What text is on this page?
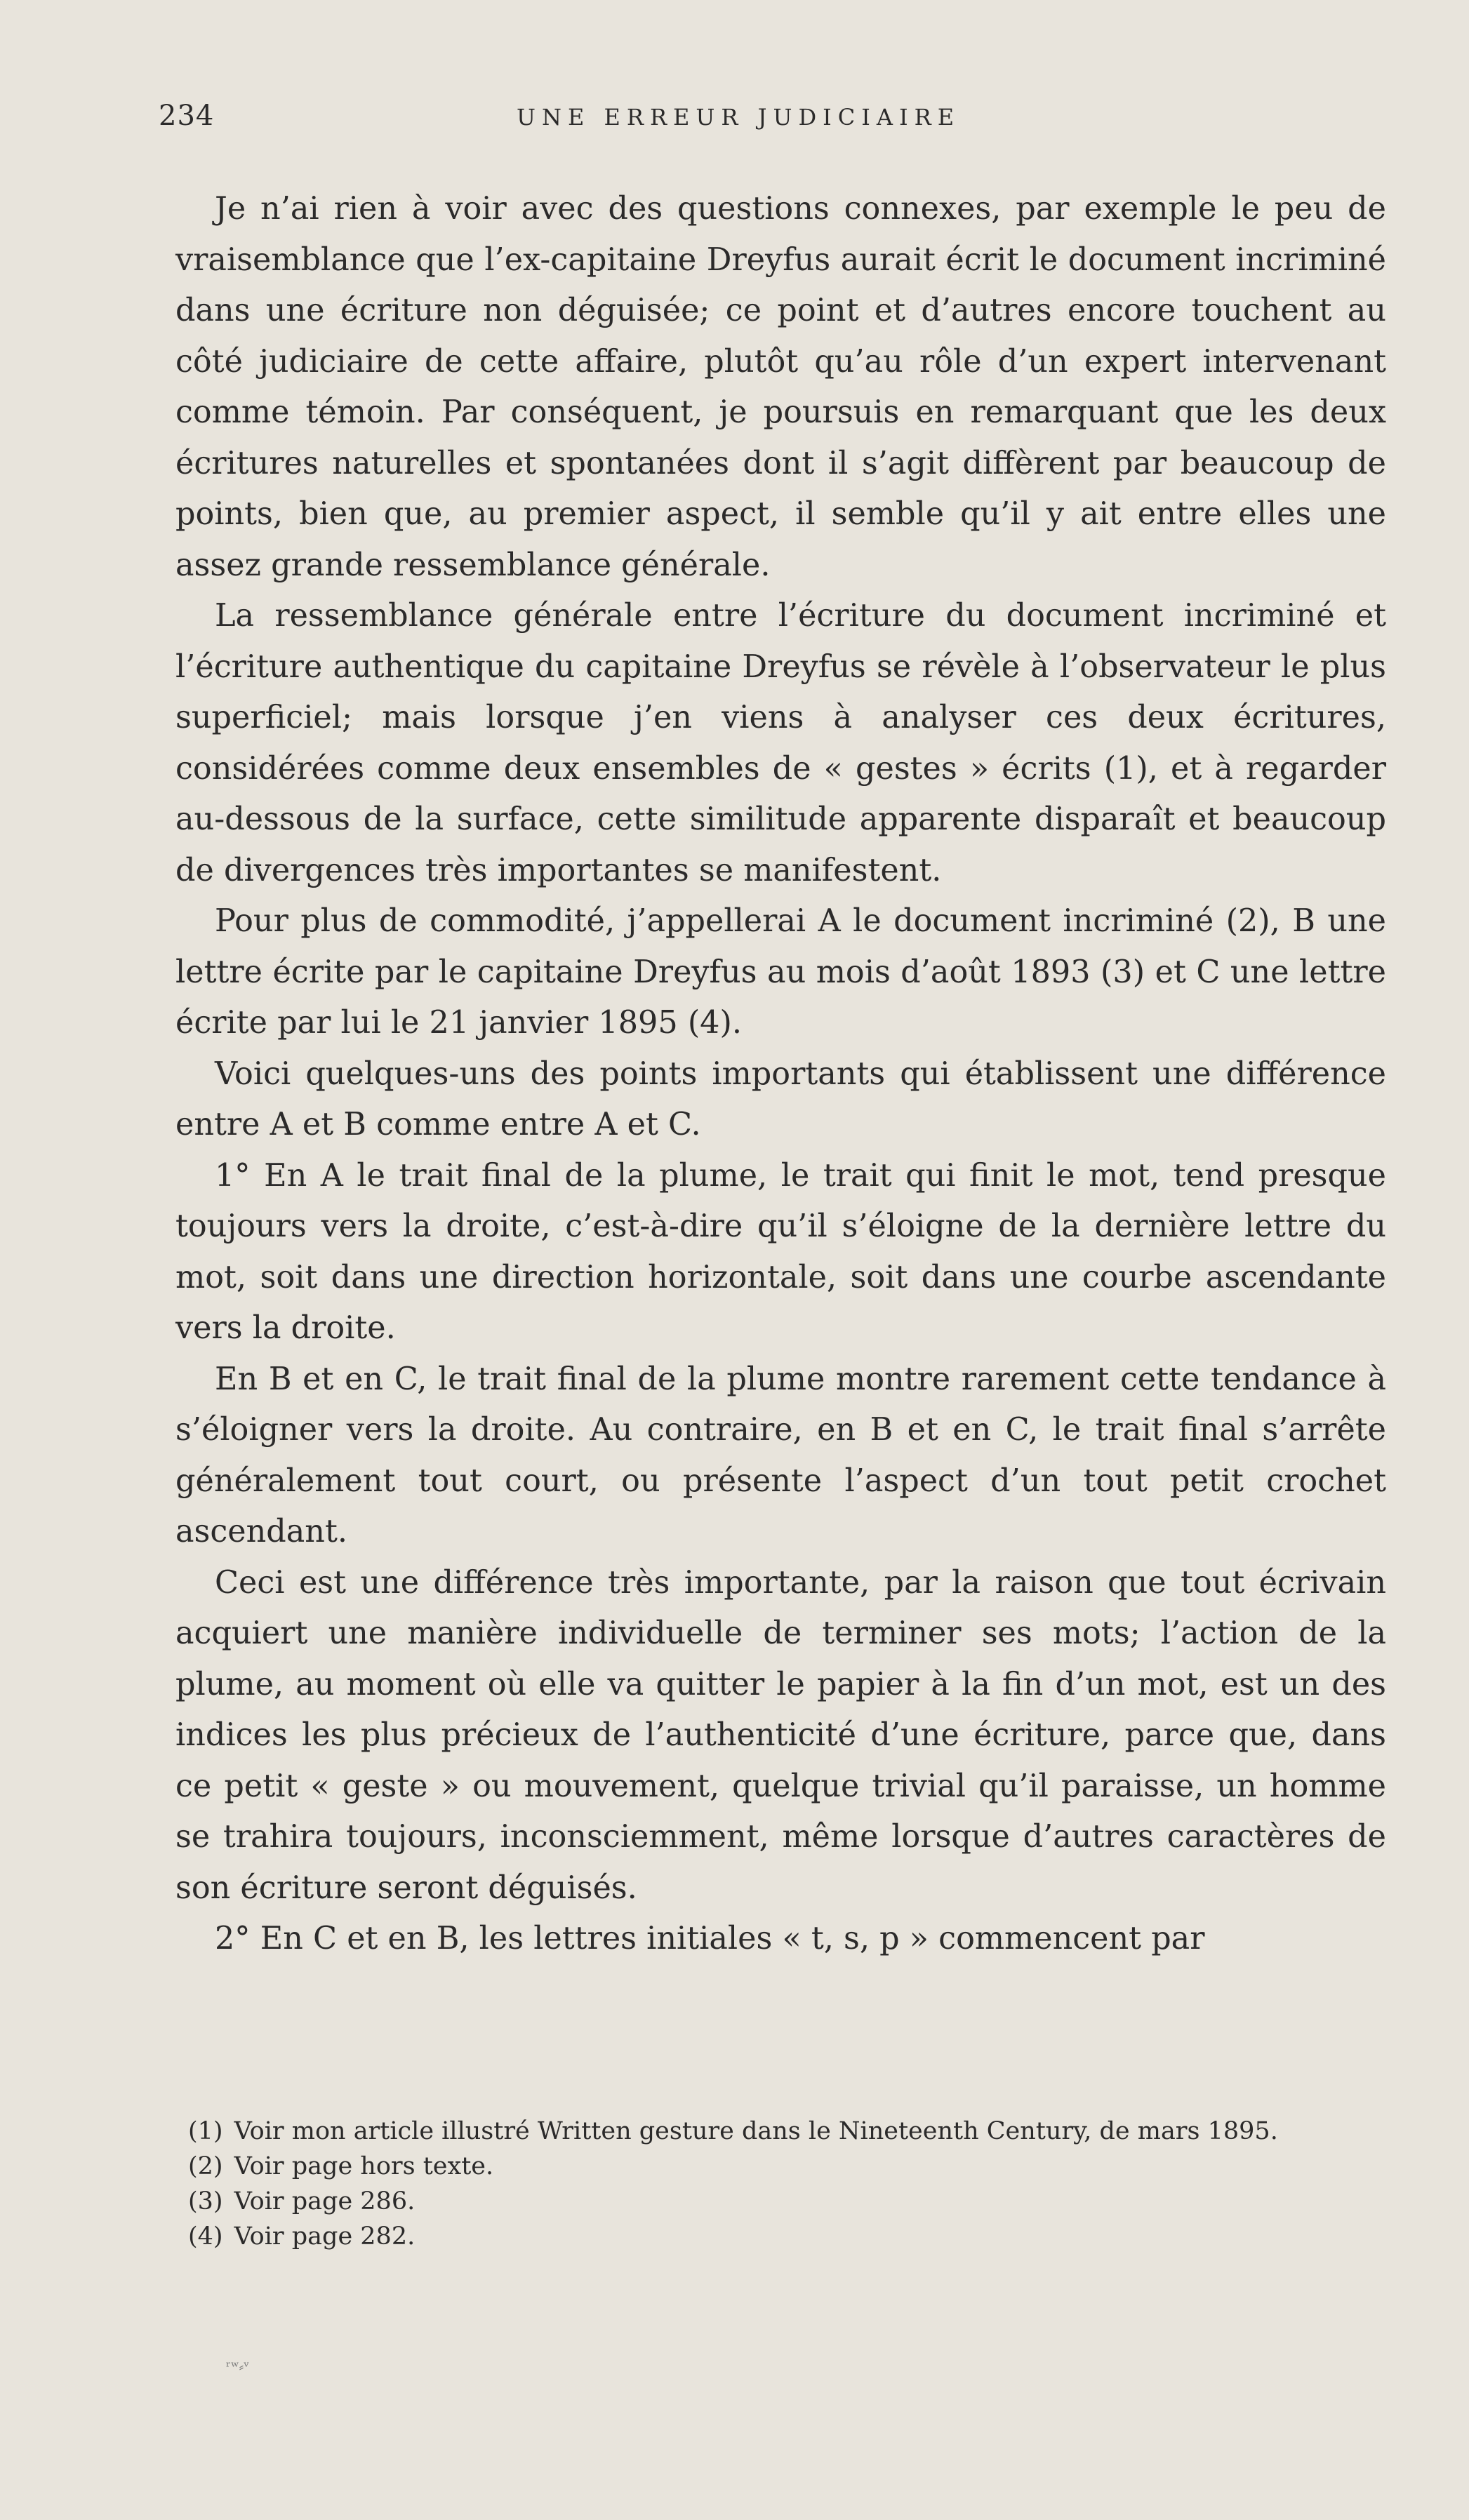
234	UNE ERREUR JUDICIAIRE

Je n’ai rien à voir avec des questions connexes, par exemple le peu de vraisemblance que l’ex-capitaine Dreyfus aurait écrit le document incriminé dans une écriture non déguisée; ce point et d’autres encore touchent au côté judiciaire de cette affaire, plutôt qu’au rôle d’un expert intervenant comme témoin. Par conséquent, je poursuis en remarquant que les deux écritures naturelles et spontanées dont il s’agit diffèrent par beaucoup de points, bien que, au premier aspect, il semble qu’il y ait entre elles une assez grande ressemblance générale.

La ressemblance générale entre l’écriture du document incriminé et l’écriture authentique du capitaine Dreyfus se révèle à l’observateur le plus superficiel; mais lorsque j’en viens à analyser ces deux écritures, considérées comme deux ensembles de « gestes » écrits (1), et à regarder au-dessous de la surface, cette similitude apparente disparaît et beaucoup de divergences très importantes se manifestent.

Pour plus de commodité, j’appellerai A le document incriminé (2), B une lettre écrite par le capitaine Dreyfus au mois d’août 1893 (3) et C une lettre écrite par lui le 21 janvier 1895 (4).

Voici quelques-uns des points importants qui établissent une différence entre A et B comme entre A et C.

1° En A le trait final de la plume, le trait qui finit le mot, tend presque toujours vers la droite, c’est-à-dire qu’il s’éloigne de la dernière lettre du mot, soit dans une direction horizontale, soit dans une courbe ascendante vers la droite.

En B et en C, le trait final de la plume montre rarement cette tendance à s’éloigner vers la droite. Au contraire, en B et en C, le trait final s’arrête généralement tout court, ou présente l’aspect d’un tout petit crochet ascendant.

Ceci est une différence très importante, par la raison que tout écrivain acquiert une manière individuelle de terminer ses mots; l’action de la plume, au moment où elle va quitter le papier à la fin d’un mot, est un des indices les plus précieux de l’authenticité d’une écriture, parce que, dans ce petit « geste » ou mouvement, quelque trivial qu’il paraisse, un homme se trahira toujours, inconsciemment, même lorsque d’autres caractères de son écriture seront déguisés.

2° En C et en B, les lettres initiales « t, s, p » commencent par

(1) Voir mon article illustré Written gesture dans le Nineteenth Century, de mars 1895.

(2) Voir page hors texte.

(3) Voir page 286.

(4) Voir page 282.

ʳʷ⸗ᵛ
